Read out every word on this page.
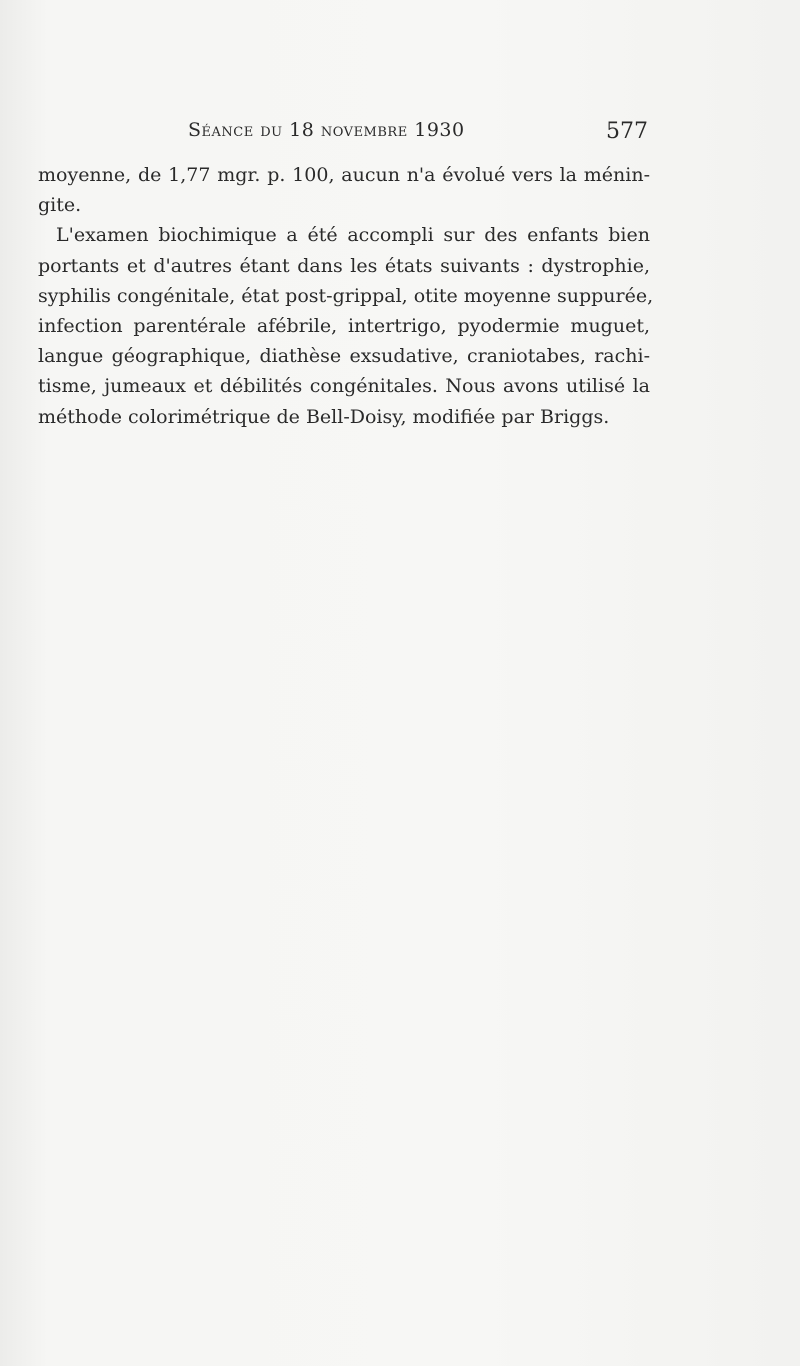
Séance du 18 novembre 1930	577
moyenne, de 1,77 mgr. p. 100, aucun n'a évolué vers la ménin-
gite.
L'examen biochimique a été accompli sur des enfants bien
portants et d'autres étant dans les états suivants : dystrophie,
syphilis congénitale, état post-grippal, otite moyenne suppurée,
infection parentérale afébrile, intertrigo, pyodermie muguet,
langue géographique, diathèse exsudative, craniotabes, rachi-
tisme, jumeaux et débilités congénitales. Nous avons utilisé la
méthode colorimétrique de Bell-Doisy, modifiée par Briggs.
